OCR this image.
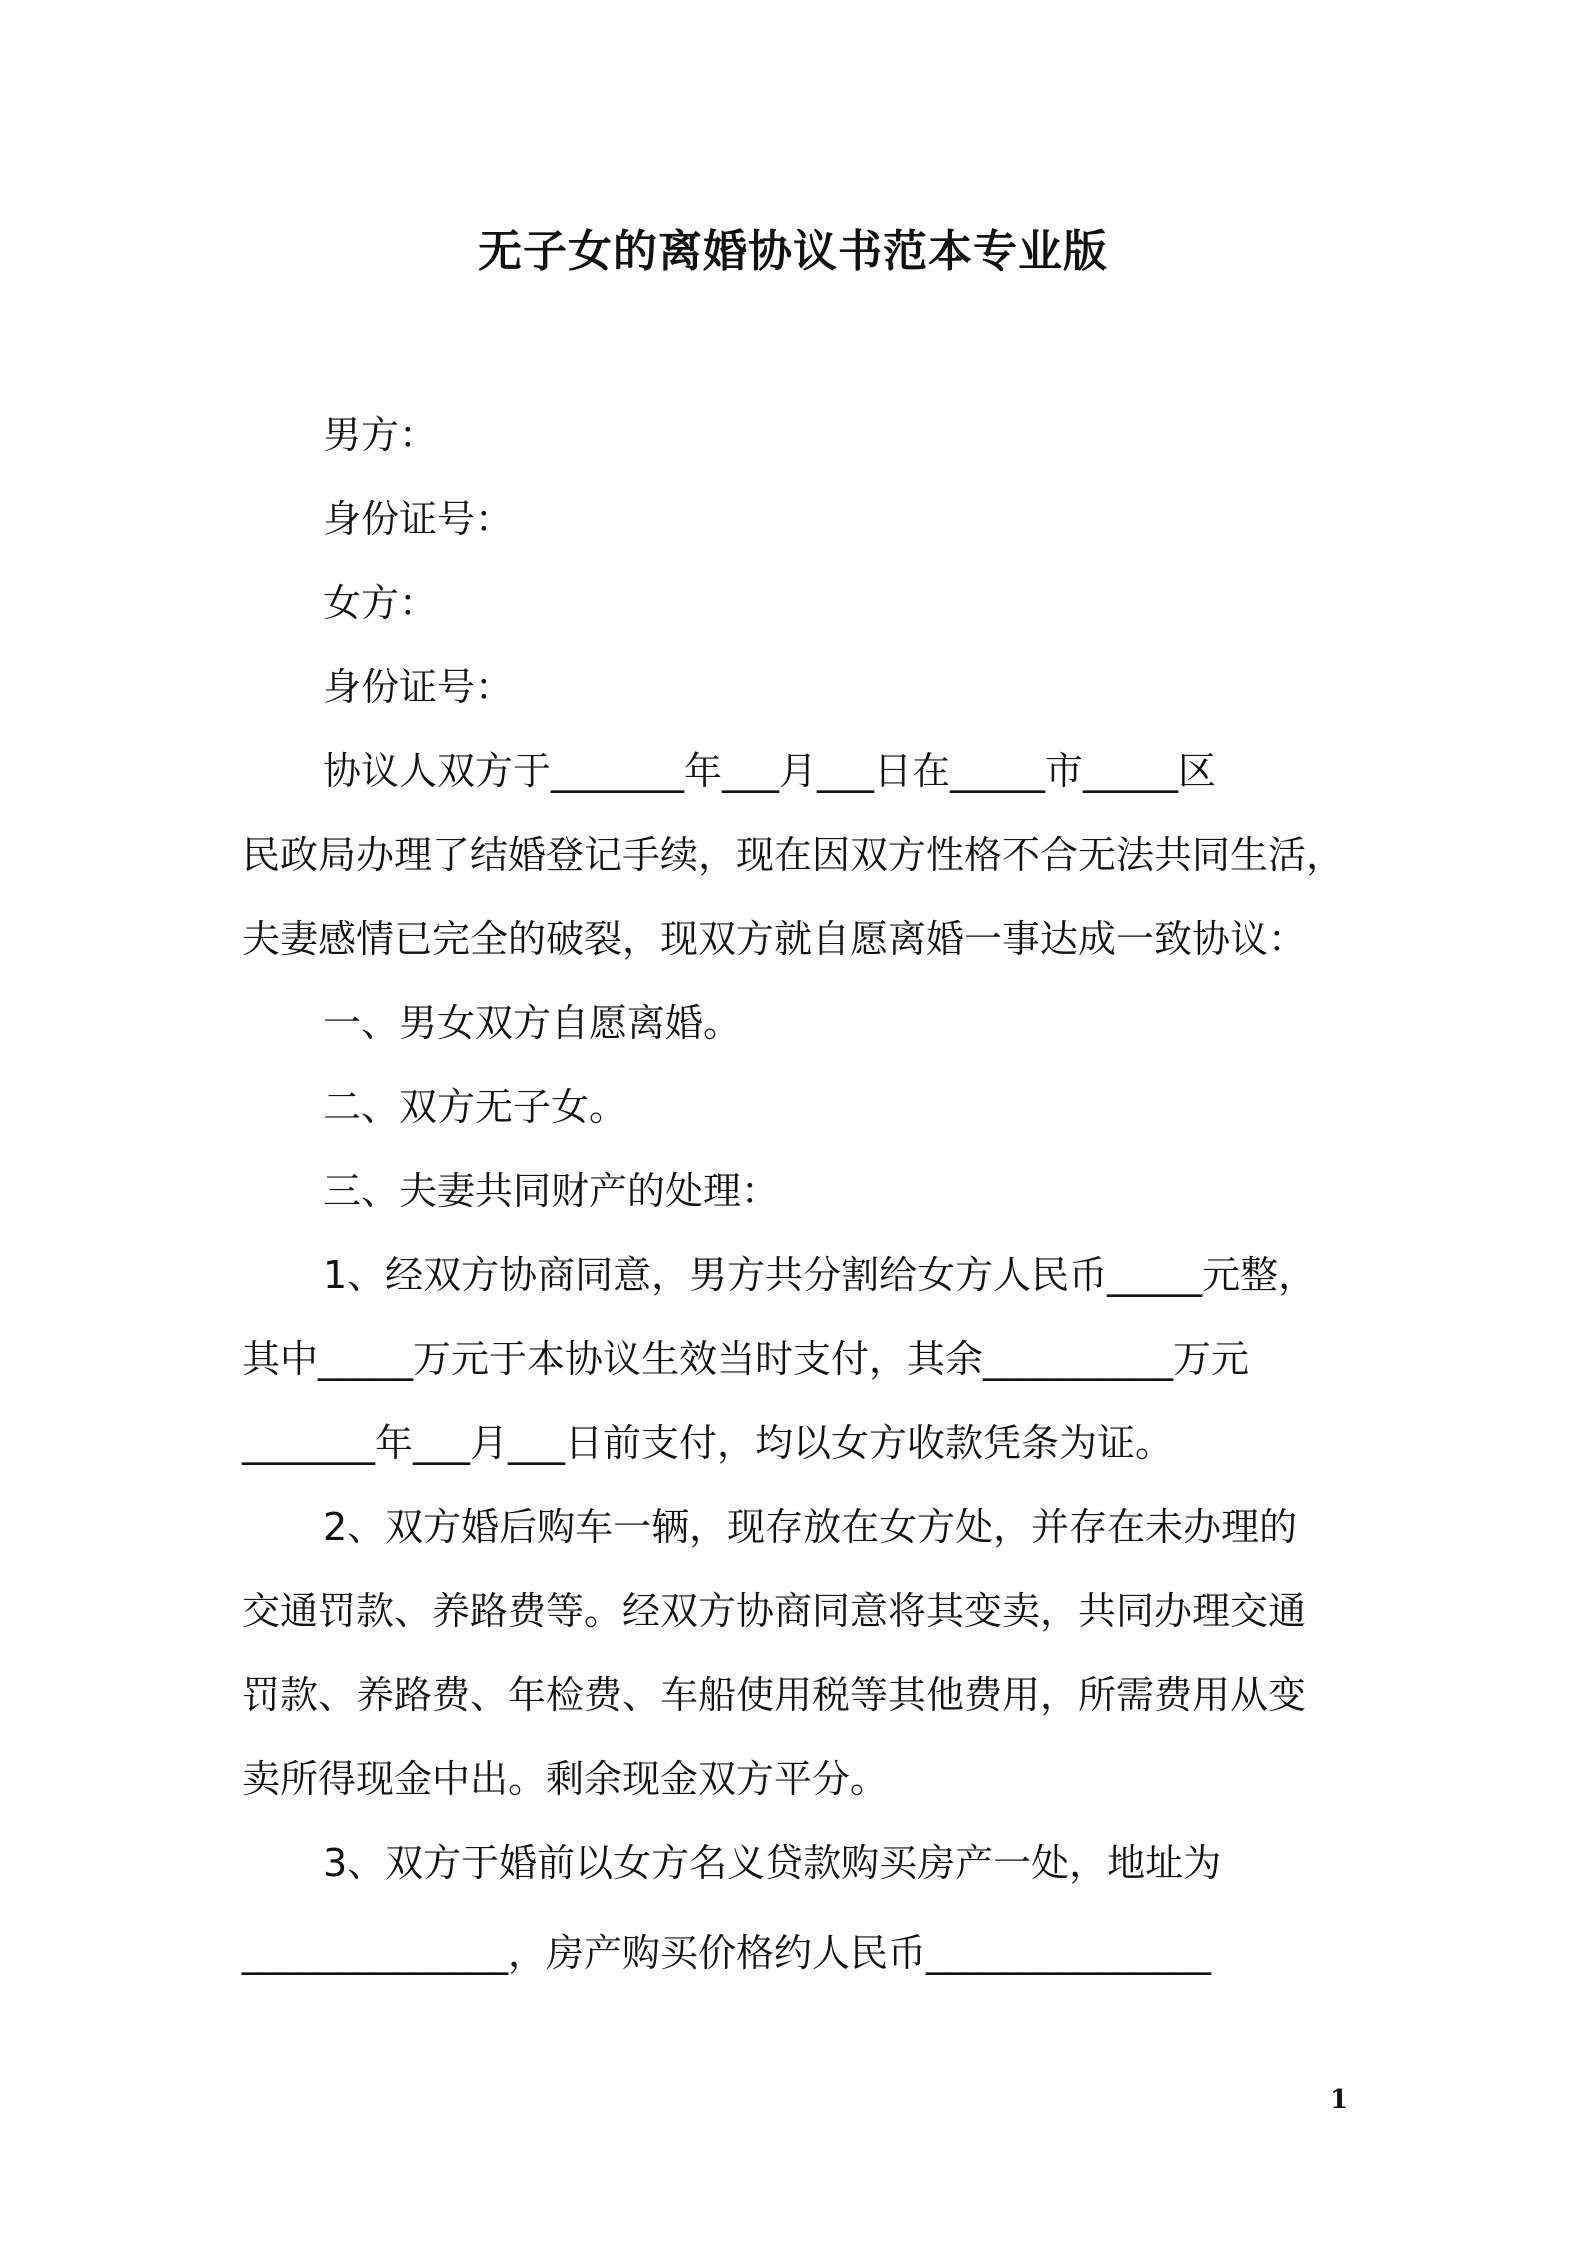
无子女的离婚协议书范本专业版
男方：
身份证号：
女方：
身份证号：
协议人双方于_______年___月___日在_____市_____区
民政局办理了结婚登记手续，现在因双方性格不合无法共同生活，
夫妻感情已完全的破裂，现双方就自愿离婚一事达成一致协议：
一、男女双方自愿离婚。
二、双方无子女。
三、夫妻共同财产的处理：
1、经双方协商同意，男方共分割给女方人民币_____元整，
其中_____万元于本协议生效当时支付，其余__________万元
_______年___月___日前支付，均以女方收款凭条为证。
2、双方婚后购车一辆，现存放在女方处，并存在未办理的
交通罚款、养路费等。经双方协商同意将其变卖，共同办理交通
罚款、养路费、年检费、车船使用税等其他费用，所需费用从变
卖所得现金中出。剩余现金双方平分。
3、双方于婚前以女方名义贷款购买房产一处，地址为
______________，房产购买价格约人民币_______________
1
